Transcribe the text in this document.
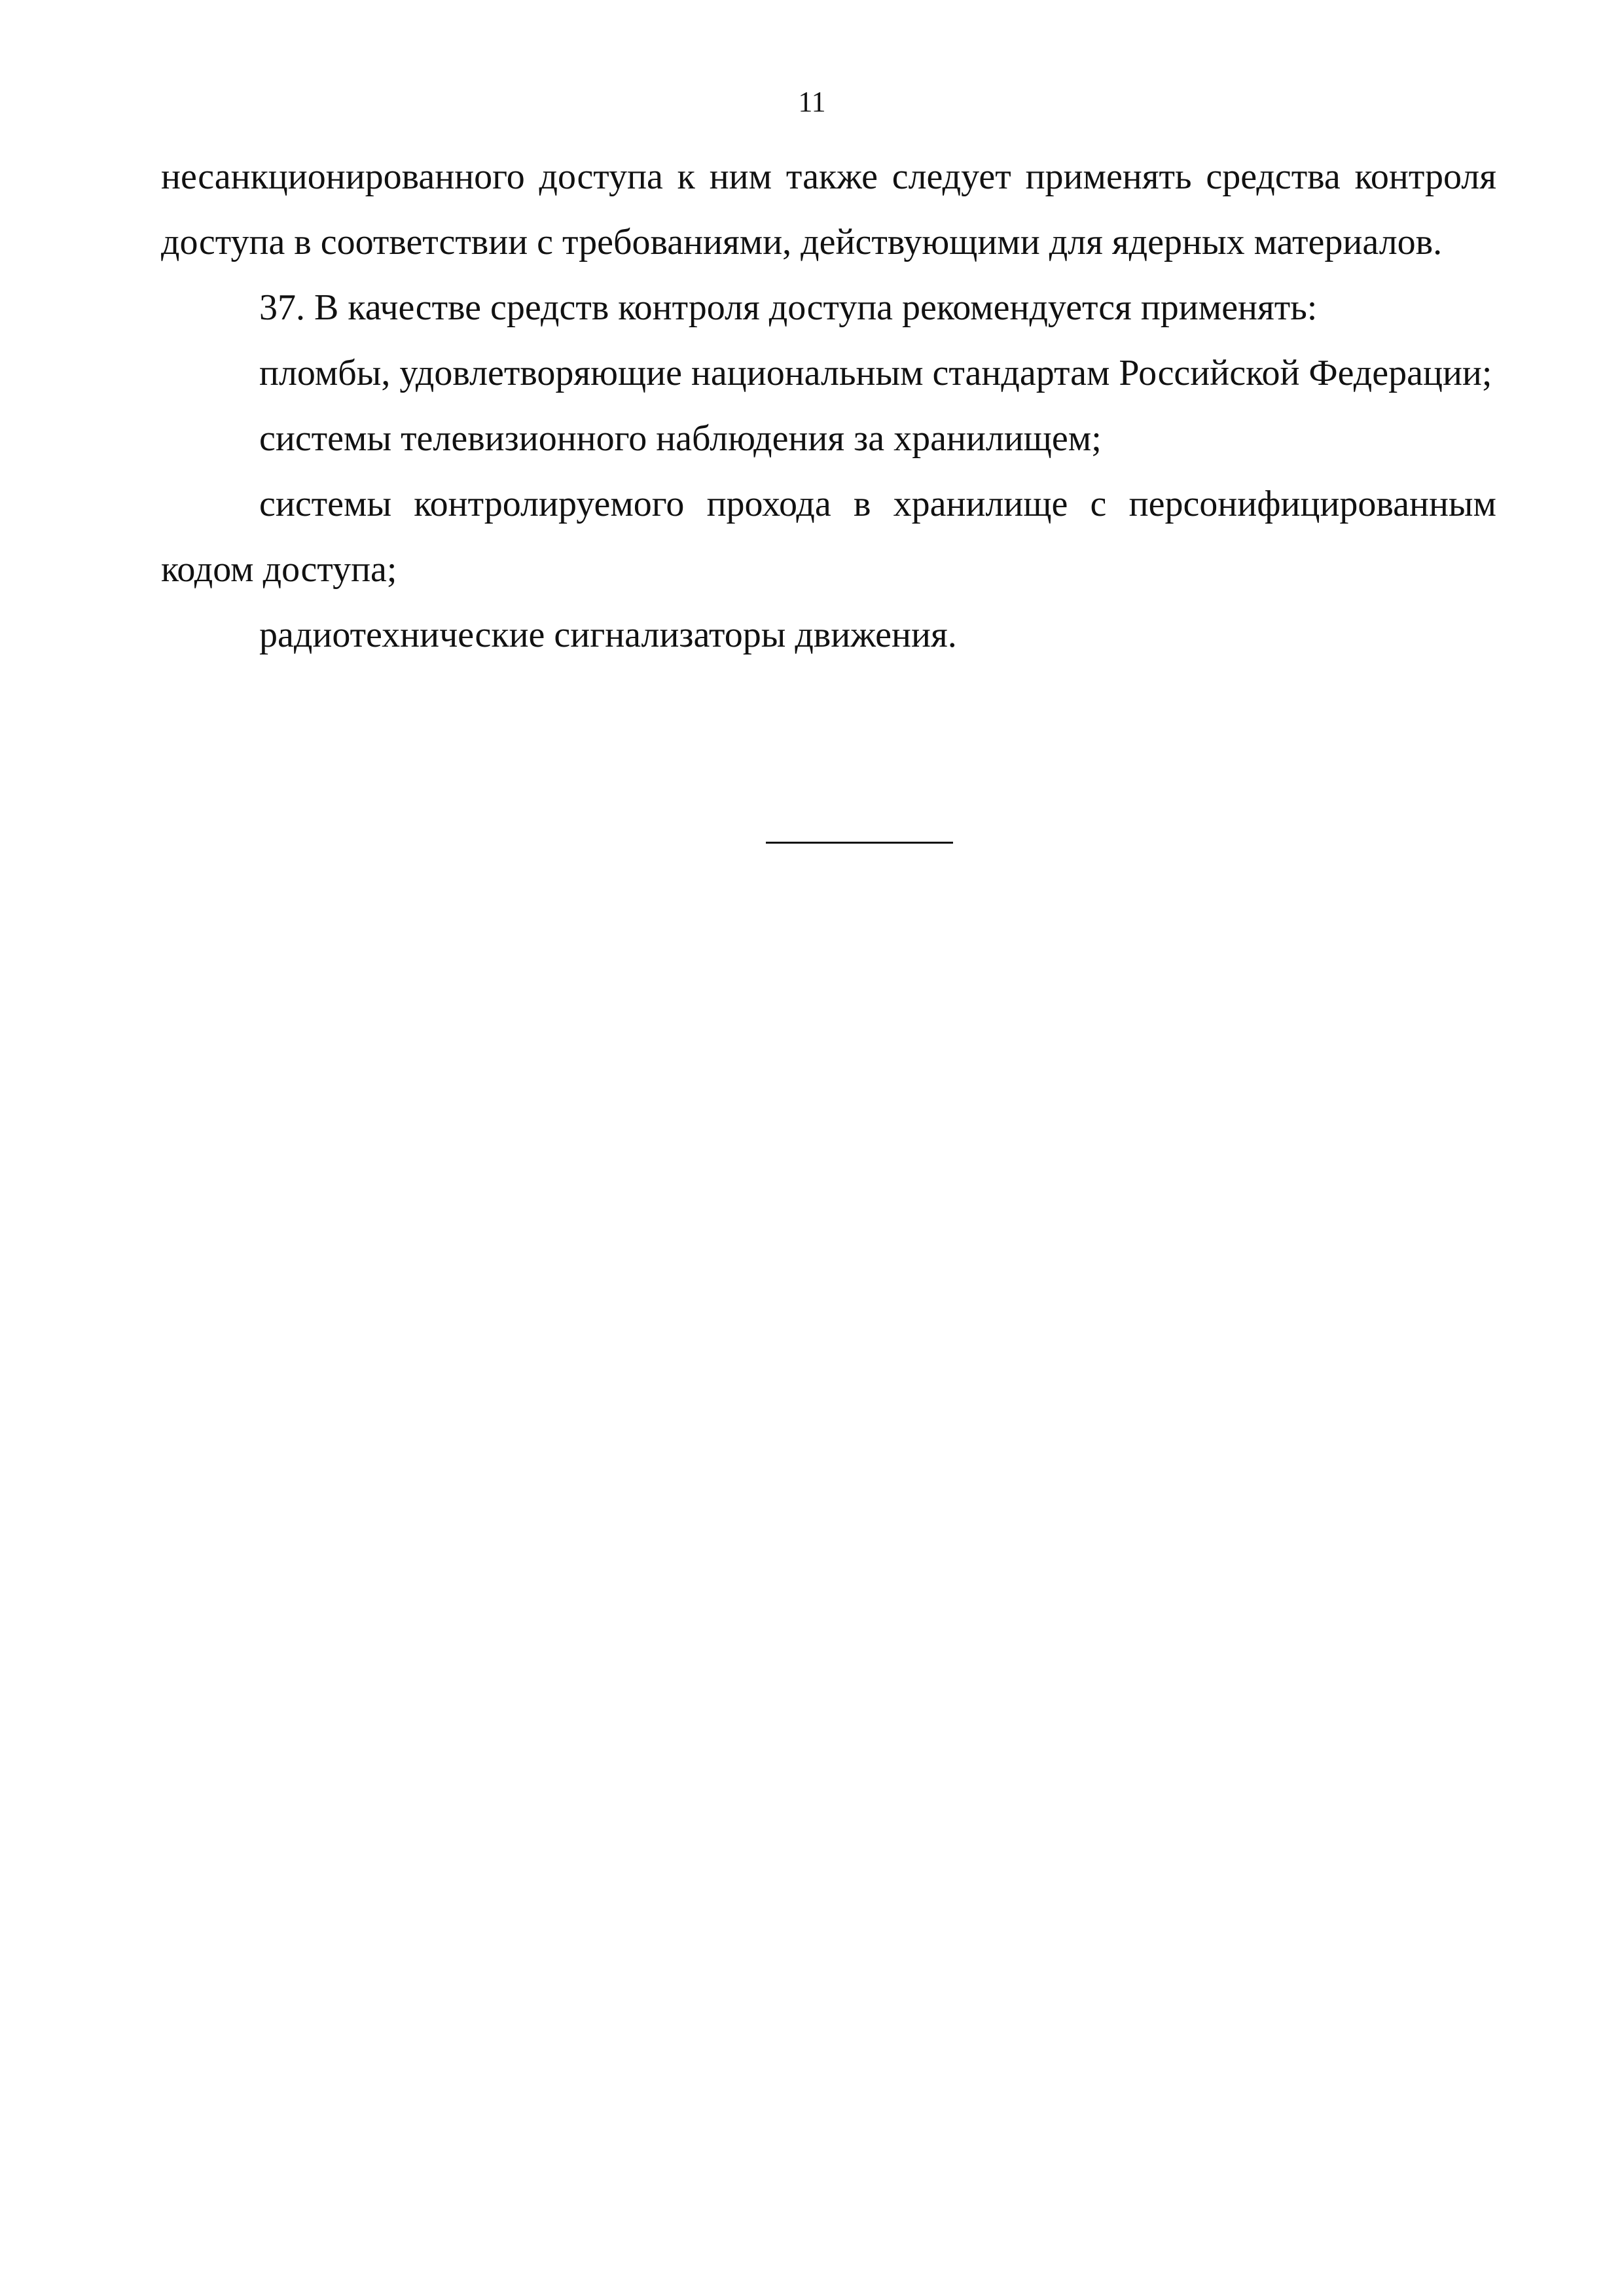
11

несанкционированного доступа к ним также следует применять средства контроля доступа в соответствии с требованиями, действующими для ядерных материалов.

37. В качестве средств контроля доступа рекомендуется применять:

пломбы, удовлетворяющие национальным стандартам Российской Федерации;

системы телевизионного наблюдения за хранилищем;

системы контролируемого прохода в хранилище с персонифицированным кодом доступа;

радиотехнические сигнализаторы движения.
